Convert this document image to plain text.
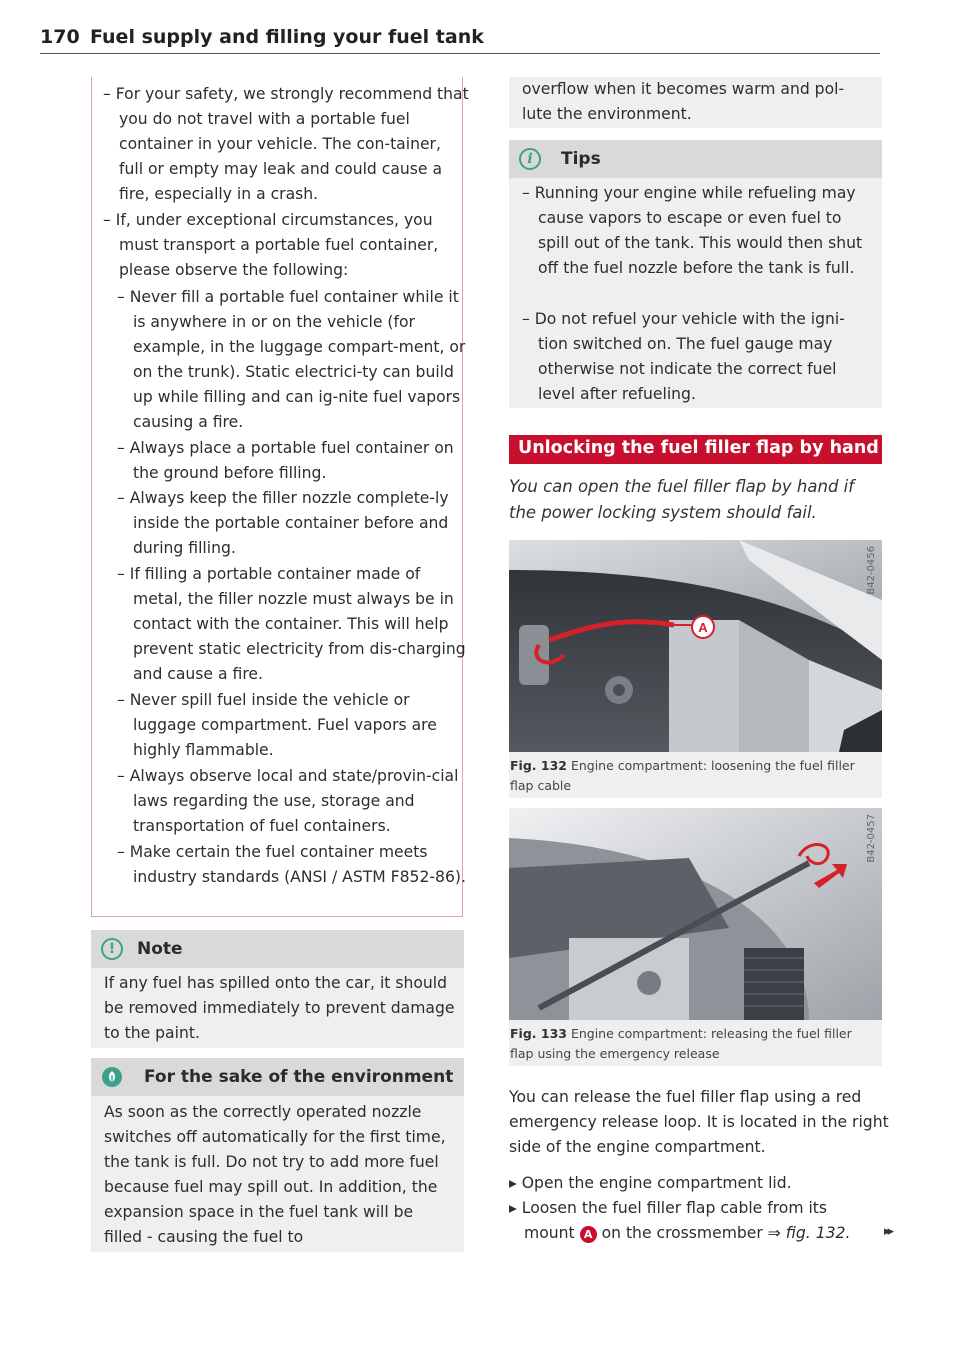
170 Fuel supply and filling your fuel tank
– For your safety, we strongly recommend that you do not travel with a portable fuel container in your vehicle. The con-tainer, full or empty may leak and could cause a fire, especially in a crash.
– If, under exceptional circumstances, you must transport a portable fuel container, please observe the following:
– Never fill a portable fuel container while it is anywhere in or on the vehicle (for example, in the luggage compart-ment, or on the trunk). Static electrici-ty can build up while filling and can ig-nite fuel vapors causing a fire.
– Always place a portable fuel container on the ground before filling.
– Always keep the filler nozzle complete-ly inside the portable container before and during filling.
– If filling a portable container made of metal, the filler nozzle must always be in contact with the container. This will help prevent static electricity from dis-charging and cause a fire.
– Never spill fuel inside the vehicle or luggage compartment. Fuel vapors are highly flammable.
– Always observe local and state/provin-cial laws regarding the use, storage and transportation of fuel containers.
– Make certain the fuel container meets industry standards (ANSI / ASTM F852-86).
!	Note
If any fuel has spilled onto the car, it should be removed immediately to prevent damage to the paint.
For the sake of the environment
As soon as the correctly operated nozzle switches off automatically for the first time, the tank is full. Do not try to add more fuel because fuel may spill out. In addition, the expansion space in the fuel tank will be filled - causing the fuel to
overflow when it becomes warm and pol-lute the environment.
i	Tips
– Running your engine while refueling may cause vapors to escape or even fuel to spill out of the tank. This would then shut off the fuel nozzle before the tank is full.
– Do not refuel your vehicle with the igni-tion switched on. The fuel gauge may otherwise not indicate the correct fuel level after refueling.
Unlocking the fuel filler flap by hand
You can open the fuel filler flap by hand if the power locking system should fail.
A
B42-0456
Fig. 132 Engine compartment: loosening the fuel filler flap cable
B42-0457
Fig. 133 Engine compartment: releasing the fuel filler flap using the emergency release
You can release the fuel filler flap using a red emergency release loop. It is located in the right side of the engine compartment.
▸ Open the engine compartment lid.
▸ Loosen the fuel filler flap cable from its mount A on the crossmember ⇒ fig. 132.	▸▸
